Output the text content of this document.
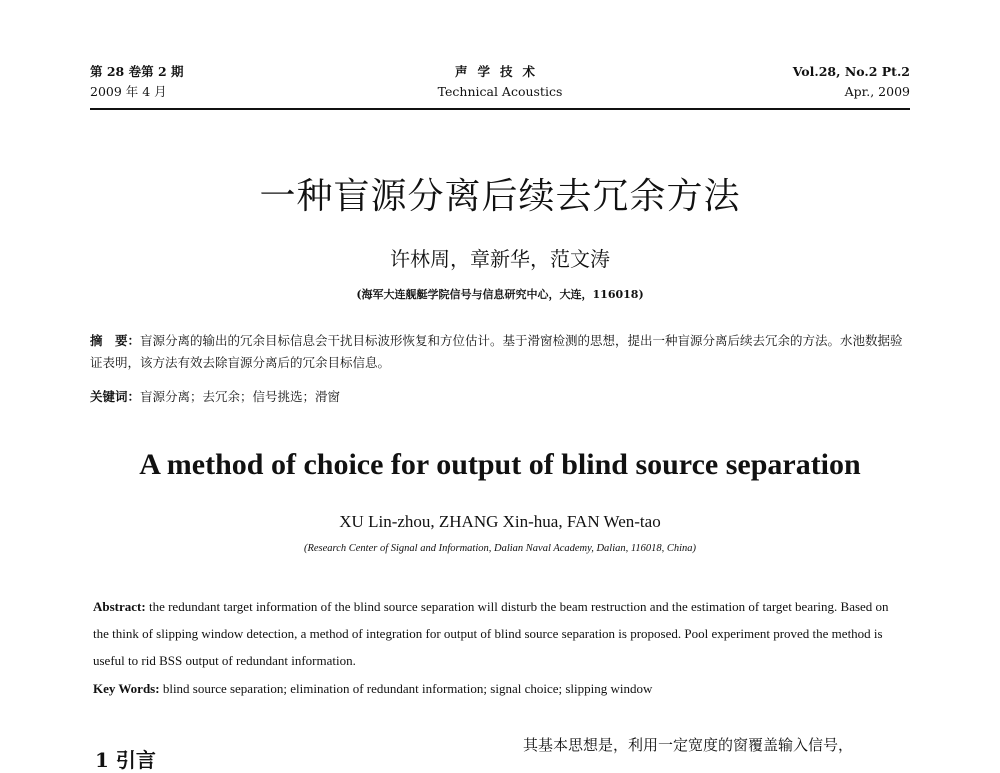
第 28 卷第 2 期
2009 年 4 月
声学技术
Technical Acoustics
Vol.28, No.2 Pt.2
Apr., 2009
一种盲源分离后续去冗余方法
许林周，章新华，范文涛
(海军大连舰艇学院信号与信息研究中心，大连，116018)
摘　要：盲源分离的输出的冗余目标信息会干扰目标波形恢复和方位估计。基于滑窗检测的思想，提出一种盲源分离后续去冗余的方法。水池数据验证表明，该方法有效去除盲源分离后的冗余目标信息。
关键词：盲源分离；去冗余；信号挑选；滑窗
A method of choice for output of blind source separation
XU Lin-zhou, ZHANG Xin-hua, FAN Wen-tao
(Research Center of Signal and Information, Dalian Naval Academy, Dalian, 116018, China)
Abstract: the redundant target information of the blind source separation will disturb the beam restruction and the estimation of target bearing. Based on the think of slipping window detection, a method of integration for output of blind source separation is proposed. Pool experiment proved the method is useful to rid BSS output of redundant information.
Key Words: blind source separation; elimination of redundant information; signal choice; slipping window
1 引言
其基本思想是，利用一定宽度的窗覆盖输入信号，
